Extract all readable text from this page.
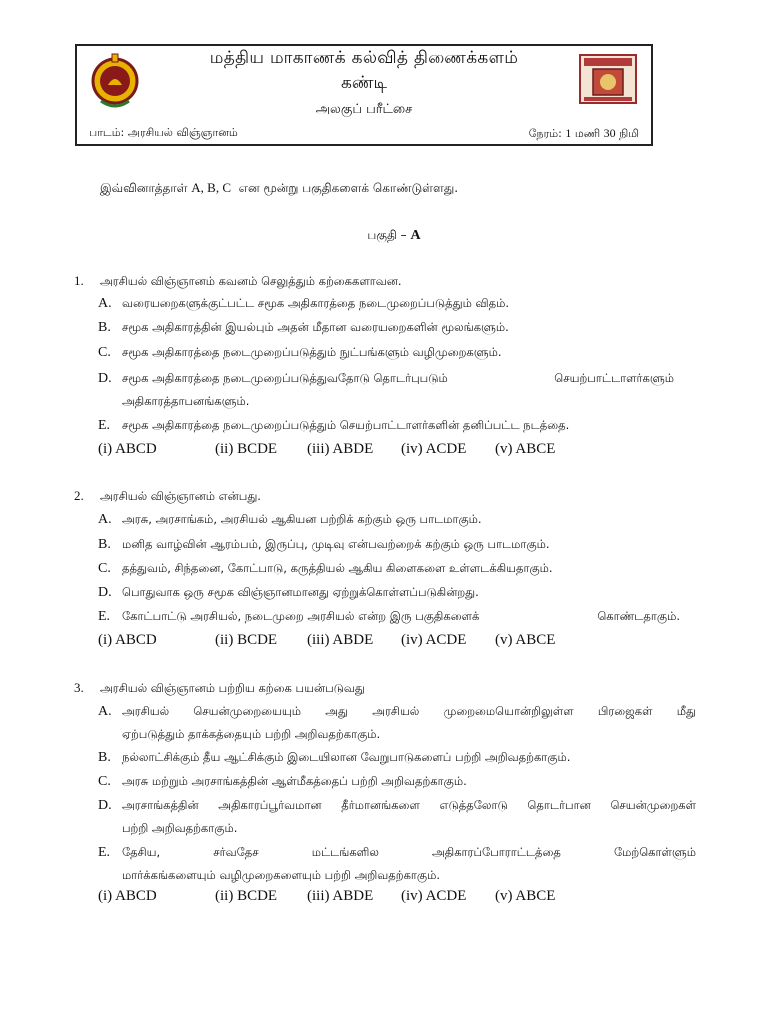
மத்திய மாகாணக் கல்வித் திணைக்களம்
கண்டி
அலகுப் பரீட்சை
பாடம்: அரசியல் விஞ்ஞானம்	நேரம்: 1 மணி 30 நிமி
இவ்வினாத்தாள் A, B, C  என மூன்று பகுதிகளைக் கொண்டுள்ளது.
பகுதி – A
1. அரசியல் விஞ்ஞானம் கவனம் செலுத்தும் கற்கைகளாவன.
A. வரையறைகளுக்குட்பட்ட சமூக அதிகாரத்தை நடைமுறைப்படுத்தும் விதம்.
B. சமூக அதிகாரத்தின் இயல்பும் அதன் மீதான வரையறைகளின் மூலங்களும்.
C. சமூக அதிகாரத்தை நடைமுறைப்படுத்தும் நுட்பங்களும் வழிமுறைகளும்.
D. சமூக அதிகாரத்தை நடைமுறைப்படுத்துவதோடு தொடர்புபடும்	செயற்பாட்டாளர்களும்
அதிகாரத்தாபனங்களும்.
E. சமூக அதிகாரத்தை நடைமுறைப்படுத்தும் செயற்பாட்டாளர்களின் தனிப்பட்ட நடத்தை.
(i) ABCD	(ii) BCDE (iii) ABDE (iv) ACDE (v) ABCE
2. அரசியல் விஞ்ஞானம் என்பது.
A. அரசு, அரசாங்கம், அரசியல் ஆகியன பற்றிக் கற்கும் ஒரு பாடமாகும்.
B. மனித வாழ்வின் ஆரம்பம், இருப்பு, முடிவு என்பவற்றைக் கற்கும் ஒரு பாடமாகும்.
C. தத்துவம், சிந்தனை, கோட்பாடு, கருத்தியல் ஆகிய கிளைகளை உள்ளடக்கியதாகும்.
D. பொதுவாக ஒரு சமூக விஞ்ஞானமானது ஏற்றுக்கொள்ளப்படுகின்றது.
E. கோட்பாட்டு அரசியல், நடைமுறை அரசியல் என்ற இரு பகுதிகளைக்	கொண்டதாகும்.
(i) ABCD	(ii) BCDE (iii) ABDE (iv) ACDE (v) ABCE
3. அரசியல் விஞ்ஞானம் பற்றிய கற்கை பயன்படுவது
A. அரசியல் செயன்முறையையும் அது அரசியல் முறைமையொன்றிலுள்ள பிரஜைகள் மீது
ஏற்படுத்தும் தாக்கத்தையும் பற்றி அறிவதற்காகும்.
B. நல்லாட்சிக்கும் தீய ஆட்சிக்கும் இடையிலான வேறுபாடுகளைப் பற்றி அறிவதற்காகும்.
C. அரசு மற்றும் அரசாங்கத்தின் ஆள்மீகத்தைப் பற்றி அறிவதற்காகும்.
D. அரசாங்கத்தின் அதிகாரப்பூர்வமான தீர்மானங்களை எடுத்தலோடு தொடர்பான செயன்முறைகள்
பற்றி அறிவதற்காகும்.
E.	தேசிய, சர்வதேச மட்டங்களில அதிகாரப்போராட்டத்தை மேற்கொள்ளும்
மார்க்கங்களையும் வழிமுறைகளையும் பற்றி அறிவதற்காகும்.
(i) ABCD	(ii) BCDE (iii) ABDE (iv) ACDE (v) ABCE
